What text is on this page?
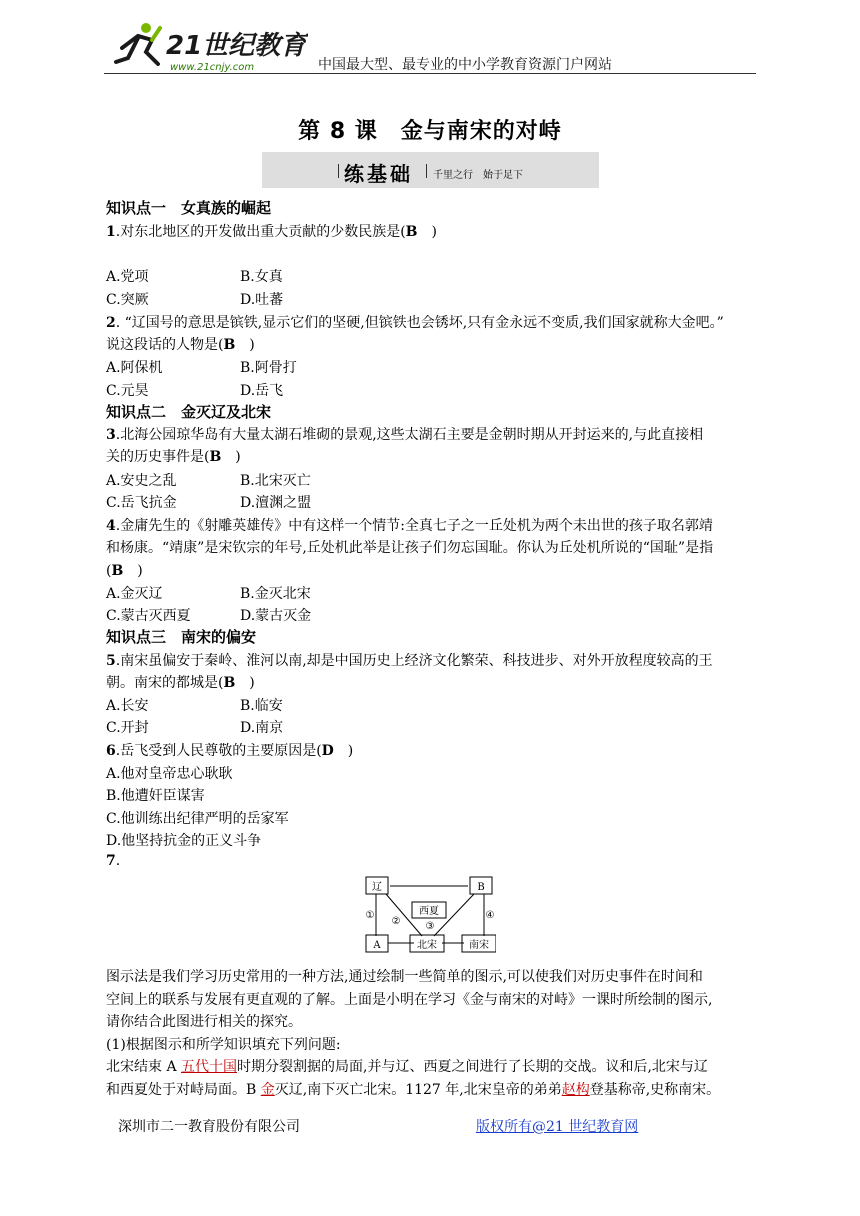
21世纪教育
www.21cnjy.com	中国最大型、最专业的中小学教育资源门户网站
第 8 课　金与南宋的对峙
练基础 千里之行　始于足下
知识点一　女真族的崛起
1.对东北地区的开发做出重大贡献的少数民族是(B　)
A.党项	B.女真
C.突厥	D.吐蕃
2. “辽国号的意思是镔铁,显示它们的坚硬,但镔铁也会锈坏,只有金永远不变质,我们国家就称大金吧。”
说这段话的人物是(B　)
A.阿保机	B.阿骨打
C.元昊	D.岳飞
知识点二　金灭辽及北宋
3.北海公园琼华岛有大量太湖石堆砌的景观,这些太湖石主要是金朝时期从开封运来的,与此直接相
关的历史事件是(B　)
A.安史之乱	B.北宋灭亡
C.岳飞抗金	D.澶渊之盟
4.金庸先生的《射雕英雄传》中有这样一个情节:全真七子之一丘处机为两个未出世的孩子取名郭靖
和杨康。“靖康”是宋钦宗的年号,丘处机此举是让孩子们勿忘国耻。你认为丘处机所说的“国耻”是指
(B　)
A.金灭辽	B.金灭北宋
C.蒙古灭西夏	D.蒙古灭金
知识点三　南宋的偏安
5.南宋虽偏安于秦岭、淮河以南,却是中国历史上经济文化繁荣、科技进步、对外开放程度较高的王
朝。南宋的都城是(B　)
A.长安	B.临安
C.开封	D.南京
6.岳飞受到人民尊敬的主要原因是(D　)
A.他对皇帝忠心耿耿
B.他遭奸臣谋害
C.他训练出纪律严明的岳家军
D.他坚持抗金的正义斗争
7.
辽	B
A
西夏
北宋	南宋
①
②	③
④
图示法是我们学习历史常用的一种方法,通过绘制一些简单的图示,可以使我们对历史事件在时间和
空间上的联系与发展有更直观的了解。上面是小明在学习《金与南宋的对峙》一课时所绘制的图示,
请你结合此图进行相关的探究。
(1)根据图示和所学知识填充下列问题:
北宋结束 A 五代十国时期分裂割据的局面,并与辽、西夏之间进行了长期的交战。议和后,北宋与辽
和西夏处于对峙局面。B 金灭辽,南下灭亡北宋。1127 年,北宋皇帝的弟弟赵构登基称帝,史称南宋。
深圳市二一教育股份有限公司	版权所有@21 世纪教育网
